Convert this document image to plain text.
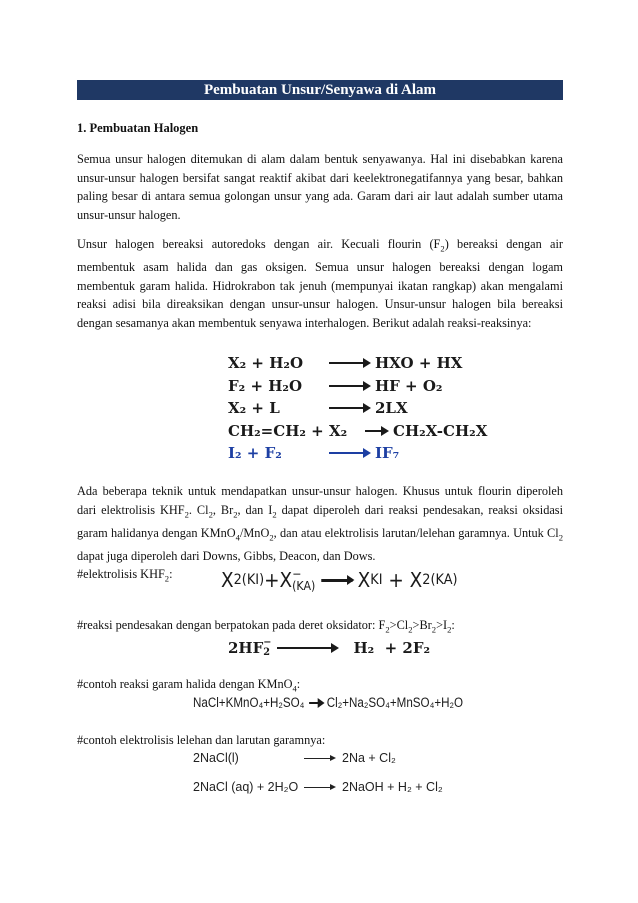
Pembuatan Unsur/Senyawa di Alam
1. Pembuatan Halogen

Semua unsur halogen ditemukan di alam dalam bentuk senyawanya. Hal ini disebabkan karena unsur-unsur halogen bersifat sangat reaktif akibat dari keelektronegatifannya yang besar, bahkan paling besar di antara semua golongan unsur yang ada. Garam dari air laut adalah sumber utama unsur-unsur halogen.

Unsur halogen bereaksi autoredoks dengan air. Kecuali flourin $(F_2)$ bereaksi dengan air membentuk asam halida dan gas oksigen. Semua unsur halogen bereaksi dengan logam membentuk garam halida. Hidrokrabon tak jenuh (mempunyai ikatan rangkap) akan mengalami reaksi adisi bila direaksikan dengan unsur-unsur halogen. Unsur-unsur halogen bila bereaksi dengan sesamanya akan membentuk senyawa interhalogen. Berikut adalah reaksi-reaksinya:

X₂ + H₂O	HXO + HX
F₂ + H₂O	HF + O₂
X₂ + L	2LX
CH₂=CH₂ + X₂	CH₂X-CH₂X
I₂ + F₂	IF₇

Ada beberapa teknik untuk mendapatkan unsur-unsur halogen. Khusus untuk flourin diperoleh dari elektrolisis $KHF_2$. $Cl_2$, $Br_2$, dan $I_2$ dapat diperoleh dari reaksi pendesakan, reaksi oksidasi garam halidanya dengan KMnO$_4$/MnO$_2$, dan atau elektrolisis larutan/lelehan garamnya. Untuk $Cl_2$ dapat juga diperoleh dari Downs, Gibbs, Deacon, dan Dows.
#elektrolisis $KHF_2$:	X 2(KI) +X −
(KA) X KI
+ X 2(KA)
#reaksi pendesakan dengan berpatokan pada deret oksidator: $F_2>Cl_2>Br_2>I_2$:
2HF −
2	H₂
+ 2F₂
#contoh reaksi garam halida dengan KMnO$_4$:
NaCl+KMnO₄+H₂SO₄ Cl₂+Na₂SO₄+MnSO₄+H₂O
#contoh elektrolisis lelehan dan larutan garamnya:
2NaCl(l)	2Na + Cl₂
2NaCl (aq) + 2H₂O	2NaOH + H₂ + Cl₂
